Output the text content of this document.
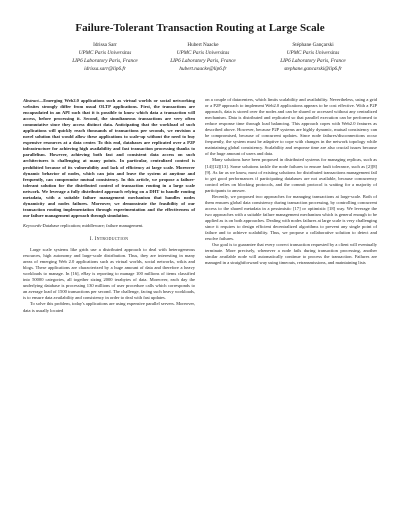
Failure-Tolerant Transaction Routing at Large Scale
Idrissa Sarr
UPMC Paris Universitas
LIP6 Laboratory Paris, France
idrissa.sarr@lip6.fr
Hubert Naacke
UPMC Paris Universitas
LIP6 Laboratory Paris, France
hubert.naacke@lip6.fr
Stéphane Gançarski
UPMC Paris Universitas
LIP6 Laboratory Paris, France
stephane.gancarski@lip6.fr
Abstract—Emerging Web2.0 applications such as virtual worlds or social networking websites strongly differ from usual OLTP applications. First, the transactions are encapsulated in an API such that it is possible to know which data a transaction will access, before processing it. Second, the simultaneous transactions are very often commutative since they access distinct data. Anticipating that the workload of such applications will quickly reach thousands of transactions per seconds, we envision a novel solution that would allow these applications to scale-up without the need to buy expensive resources at a data center. To this end, databases are replicated over a P2P infrastructure for achieving high availability and fast transaction processing thanks to parallelism. However, achieving both fast and consistent data access on such architectures is challenging at many points. In particular, centralized control is prohibited because of its vulnerability and lack of efficiency at large scale. Moreover dynamic behavior of nodes, which can join and leave the system at anytime and frequently, can compromise mutual consistency. In this article, we propose a failure-tolerant solution for the distributed control of transaction routing in a large scale network. We leverage a fully distributed approach relying on a DHT to handle routing metadata, with a suitable failure management mechanism that handles nodes dynamicity and nodes failures. Moreover, we demonstrate the feasibility of our transaction routing implementation through experimentation and the effectiveness of our failure management approach through simulation.
Keywords-Database replication; middleware; failure management.
I. Introduction

Large scale systems like grids use a distributed approach to deal with heterogeneous resources, high autonomy and large-scale distribution. Thus, they are interesting in many areas of emerging Web 2.0 applications such as virtual worlds, social networks, wikis and blogs. These applications are characterized by a huge amount of data and therefore a heavy workloads to manage. In [16], eBay is reporting to manage 100 millions of items classified into 50000 categories, all together sizing 2000 terabytes of data. Moreover, each day the underlying database is processing 130 millions of user procedure calls which corresponds to an average load of 1500 transactions per second. The challenge, facing such heavy workloads, is to ensure data availability and consistency in order to deal with fast updates.

To solve this problem, today's applications are using expensive parallel servers. Moreover, data is usually located

on a couple of datacenters, which limits scalability and availability. Nevertheless, using a grid or a P2P approach to implement Web2.0 applications appears to be cost effective. With a P2P approach, data is stored over the nodes and can be shared or accessed without any centralized mechanism. Data is distributed and replicated so that parallel execution can be performed to reduce response time through load balancing. This approach copes with Web2.0 features as described above. However, because P2P systems are highly dynamic, mutual consistency can be compromised, because of concurrent updates. Since node failures/disconnections occur frequently, the system must be adaptive to cope with changes in the network topology while maintaining global consistency. Scalability and response time are also crucial issues because of the huge amount of users and data.

Many solutions have been proposed in distributed systems for managing replicas, such as [14][12][13]. Some solutions tackle the node failures to ensure fault tolerance, such as [2][8][9]. As far as we know, most of existing solutions for distributed transactions management fail to get good performances if participating databases are not available, because concurrency control relies on blocking protocols, and the commit protocol is waiting for a majority of participants to answer.

Recently, we proposed two approaches for managing transactions at large-scale. Both of them ensures global data consistency during transaction processing, by controlling concurrent access to the shared metadata in a pessimistic [17] or optimistic [18] way. We leverage the two approaches with a suitable failure management mechanism which is general enough to be applied as is on both approaches. Dealing with nodes failures at large scale is very challenging since it requires to design efficient decentralized algorithms to prevent any single point of failure and to achieve scalability. Thus, we propose a collaborative solution to detect and resolve failures.

Our goal is to guarantee that every correct transaction requested by a client will eventually terminate. More precisely, whenever a node fails during transaction processing, another similar available node will automatically continue to process the transaction. Failures are managed in a straightforward way using timeouts, retransmissions, and maintaining lists
